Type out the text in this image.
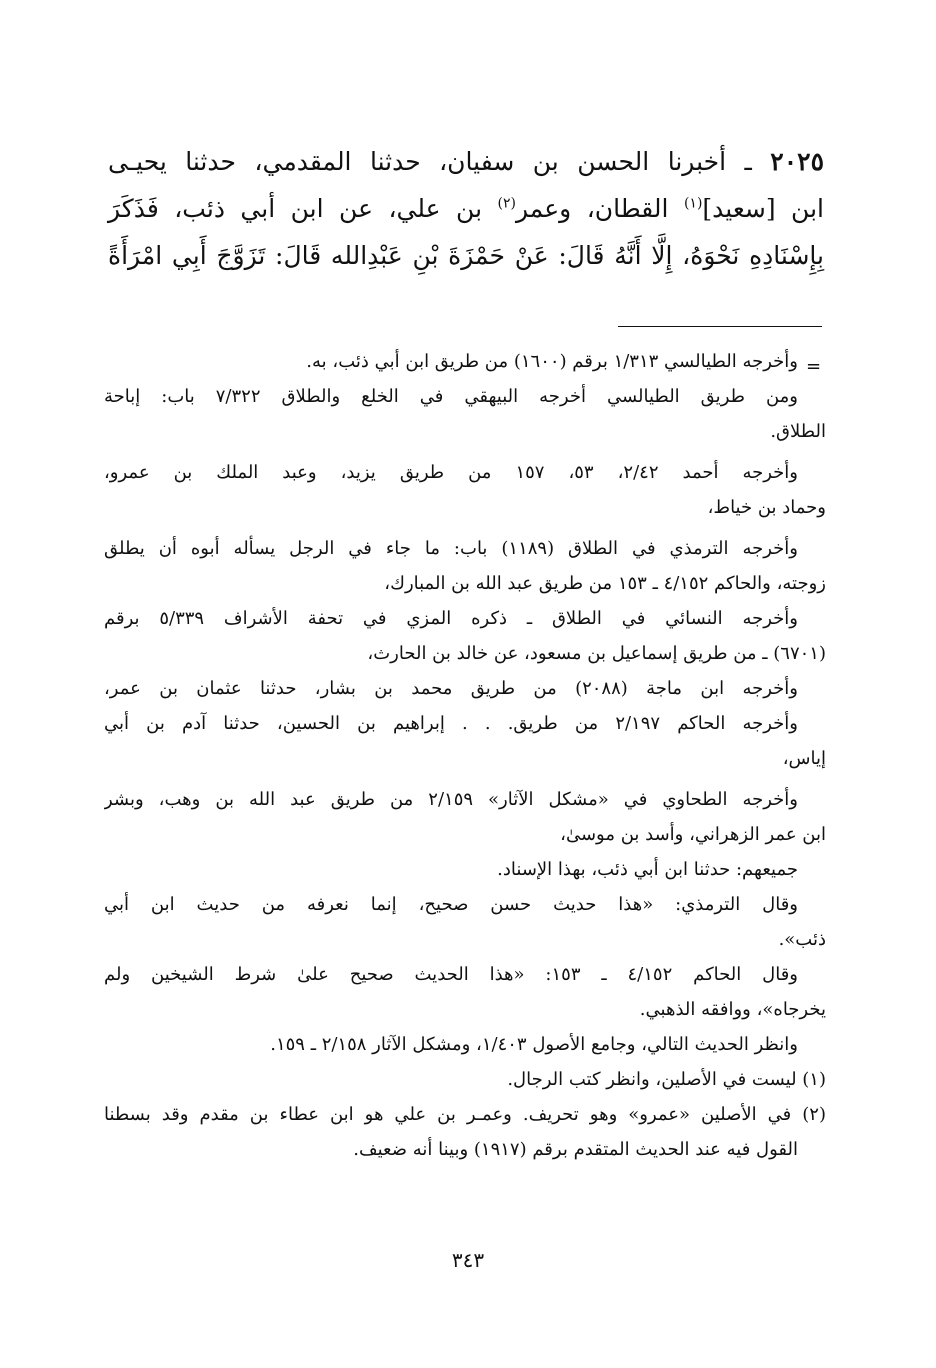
٢٠٢٥ ـ أخبرنا الحسن بن سفيان، حدثنا المقدمي، حدثنا يحيـى
ابن [سعيد]$^{(١)}$ القطان، وعمر$^{(٢)}$ بن علي، عن ابن أبي ذئب، فَذَكَرَ
بِإِسْنَادِهِ نَحْوَهُ، إِلَّا أَنَّهُ قَالَ: عَنْ حَمْزَةَ بْنِ عَبْدِالله قَالَ: تَزَوَّجَ أَبِي امْرَأَةً
=
وأخرجه الطيالسي ١/٣١٣ برقم (١٦٠٠) من طريق ابن أبي ذئب، به.
ومن طريق الطيالسي أخرجه البيهقي في الخلع والطلاق ٧/٣٢٢ باب: إباحة
الطلاق.
وأخرجه أحمد ٢/٤٢، ٥٣، ١٥٧ من طريق يزيد، وعبد الملك بن عمرو،
وحماد بن خياط،
وأخرجه الترمذي في الطلاق (١١٨٩) باب: ما جاء في الرجل يسأله أبوه أن يطلق
زوجته، والحاكم ٤/١٥٢ ـ ١٥٣ من طريق عبد الله بن المبارك،
وأخرجه النسائي في الطلاق ـ ذكره المزي في تحفة الأشراف ٥/٣٣٩ برقم
(٦٧٠١) ـ من طريق إسماعيل بن مسعود، عن خالد بن الحارث،
وأخرجه ابن ماجة (٢٠٨٨) من طريق محمد بن بشار، حدثنا عثمان بن عمر،
وأخرجه الحاكم ٢/١٩٧ من طريق. . . إبراهيم بن الحسين، حدثنا آدم بن أبي
إياس،
وأخرجه الطحاوي في «مشكل الآثار» ٢/١٥٩ من طريق عبد الله بن وهب، وبشر
ابن عمر الزهراني، وأسد بن موسىٰ،
جميعهم: حدثنا ابن أبي ذئب، بهذا الإسناد.
وقال الترمذي: «هذا حديث حسن صحيح، إنما نعرفه من حديث ابن أبي
ذئب».
وقال الحاكم ٤/١٥٢ ـ ١٥٣: «هذا الحديث صحيح علىٰ شرط الشيخين ولم
يخرجاه»، ووافقه الذهبي.
وانظر الحديث التالي، وجامع الأصول ١/٤٠٣، ومشكل الآثار ٢/١٥٨ ـ ١٥٩.
(١) ليست في الأصلين، وانظر كتب الرجال.
(٢) في الأصلين «عمرو» وهو تحريف. وعمـر بن علي هو ابن عطاء بن مقدم وقد بسطنا
القول فيه عند الحديث المتقدم برقم (١٩١٧) وبينا أنه ضعيف.
٣٤٣
